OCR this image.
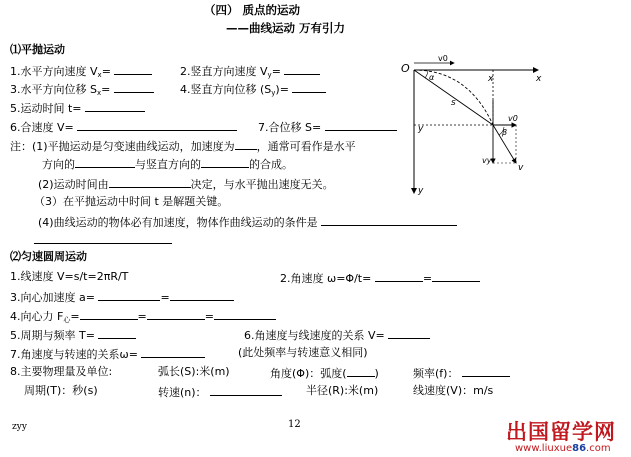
（四） 质点的运动
——曲线运动 万有引力
⑴平抛运动
1.水平方向速度 $V_x=$	2.竖直方向速度 $V_y=$
3.水平方向位移 $S_x=$	4.竖直方向位移 $(S_y)=$
5.运动时间 t=
6.合速度 V=	7.合位移 S=
注：(1)平抛运动是匀变速曲线运动，加速度为 ，通常可看作是水平
方向的	与竖直方向的	的合成。
(2)运动时间由	决定，与水平抛出速度无关。
（3）在平抛运动中时间 t 是解题关键。
(4)曲线运动的物体必有加速度，物体作曲线运动的条件是
O
v0
x	x
α
s
y
y
β
v0
vy
v
⑵匀速圆周运动
1.线速度 V=s/t=2πR/T	2.角速度 ω=Φ/t=	=
3.向心加速度 a=	=
4.向心力 $F_心=$	=	=
5.周期与频率 T=	6.角速度与线速度的关系 V=
7.角速度与转速的关系ω=	(此处频率与转速意义相同)
8.主要物理量及单位:	弧长(S):米(m)	角度(Φ)：弧度(	)	频率(f)：
周期(T)：秒(s)	转速(n)：	半径(R):米(m)	线速度(V)：m/s
zyy	12	出国留学网
www.liuxue86.com
